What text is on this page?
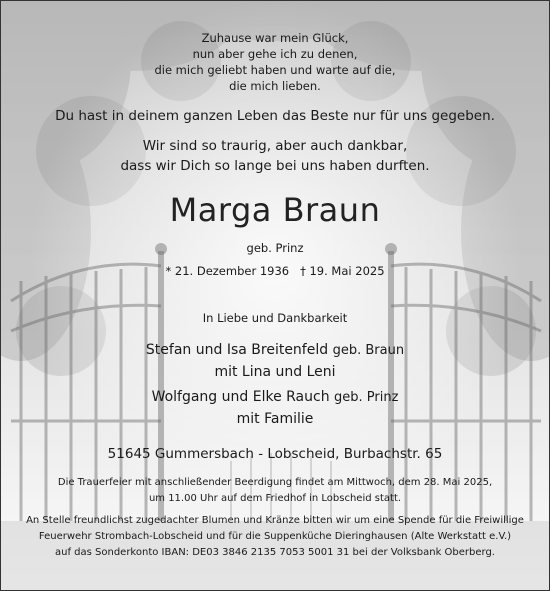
Zuhause war mein Glück,
nun aber gehe ich zu denen,
die mich geliebt haben und warte auf die,
die mich lieben.
Du hast in deinem ganzen Leben das Beste nur für uns gegeben.
Wir sind so traurig, aber auch dankbar,
dass wir Dich so lange bei uns haben durften.
Marga Braun
geb. Prinz
* 21. Dezember 1936 † 19. Mai 2025
In Liebe und Dankbarkeit
Stefan und Isa Breitenfeld geb. Braun
mit Lina und Leni
Wolfgang und Elke Rauch geb. Prinz
mit Familie
51645 Gummersbach - Lobscheid, Burbachstr. 65
Die Trauerfeier mit anschließender Beerdigung findet am Mittwoch, dem 28. Mai 2025,
um 11.00 Uhr auf dem Friedhof in Lobscheid statt.
An Stelle freundlichst zugedachter Blumen und Kränze bitten wir um eine Spende für die Freiwillige
Feuerwehr Strombach-Lobscheid und für die Suppenküche Dieringhausen (Alte Werkstatt e.V.)
auf das Sonderkonto IBAN: DE03 3846 2135 7053 5001 31 bei der Volksbank Oberberg.
